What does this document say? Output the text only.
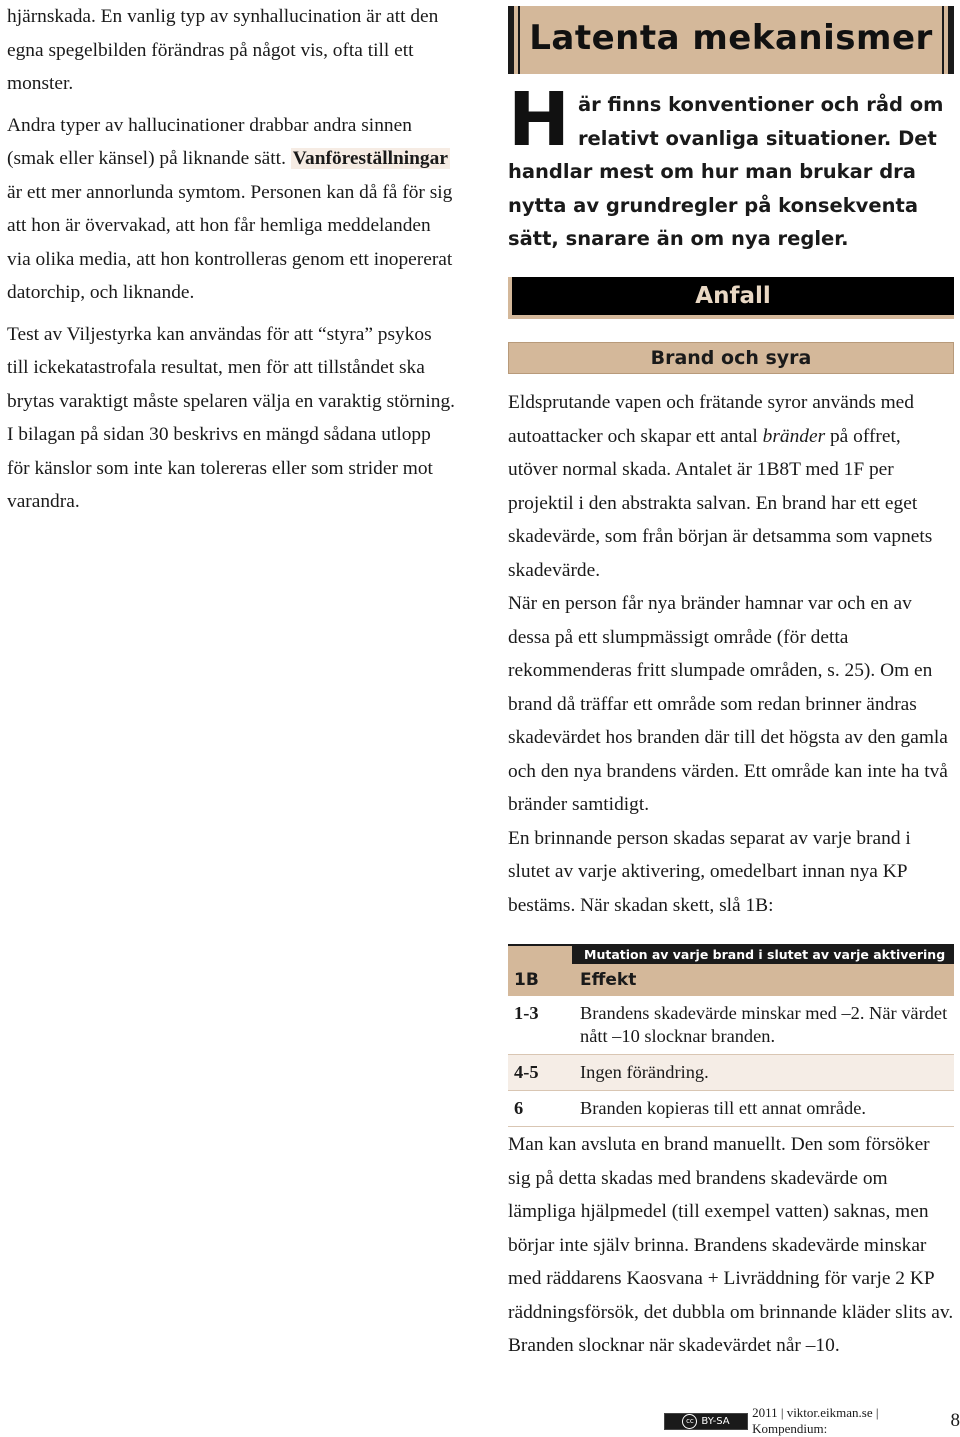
hjärnskada. En vanlig typ av synhallucination är att den egna spegelbilden förändras på något vis, ofta till ett monster.

Andra typer av hallucinationer drabbar andra sinnen (smak eller känsel) på liknande sätt. Vanföreställningar är ett mer annorlunda symtom. Personen kan då få för sig att hon är övervakad, att hon får hemliga meddelanden via olika media, att hon kontrolleras genom ett inopererat datorchip, och liknande.

Test av Viljestyrka kan användas för att “styra” psykos till ickekatastrofala resultat, men för att tillståndet ska brytas varaktigt måste spelaren välja en varaktig störning. I bilagan på sidan 30 beskrivs en mängd sådana utlopp för känslor som inte kan tolereras eller som strider mot varandra.

Latenta mekanismer
Här finns konventioner och råd om relativt ovanliga situationer. Det handlar mest om hur man brukar dra nytta av grundregler på konsekventa sätt, snarare än om nya regler.
Anfall
Brand och syra

Eldsprutande vapen och frätande syror används med autoattacker och skapar ett antal bränder på offret, utöver normal skada. Antalet är 1B8T med 1F per projektil i den abstrakta salvan. En brand har ett eget skadevärde, som från början är detsamma som vapnets skadevärde.

När en person får nya bränder hamnar var och en av dessa på ett slumpmässigt område (för detta rekommenderas fritt slumpade områden, s. 25). Om en brand då träffar ett område som redan brinner ändras skadevärdet hos branden där till det högsta av den gamla och den nya brandens värden. Ett område kan inte ha två bränder samtidigt.

En brinnande person skadas separat av varje brand i slutet av varje aktivering, omedelbart innan nya KP bestäms. När skadan skett, slå 1B:

Mutation av varje brand i slutet av varje aktivering
1B Effekt
1-3	Brandens skadevärde minskar med –2. När värdet nått –10 slocknar branden.
4-5	Ingen förändring.
6	Branden kopieras till ett annat område.

Man kan avsluta en brand manuellt. Den som försöker sig på detta skadas med brandens skadevärde om lämpliga hjälpmedel (till exempel vatten) saknas, men börjar inte själv brinna. Brandens skadevärde minskar med räddarens Kaosvana + Livräddning för varje 2 KP räddningsförsök, det dubbla om brinnande kläder slits av. Branden slocknar när skadevärdet når –10.

cc BY-SA
2011 | viktor.eikman.se | Kompendium:	8
